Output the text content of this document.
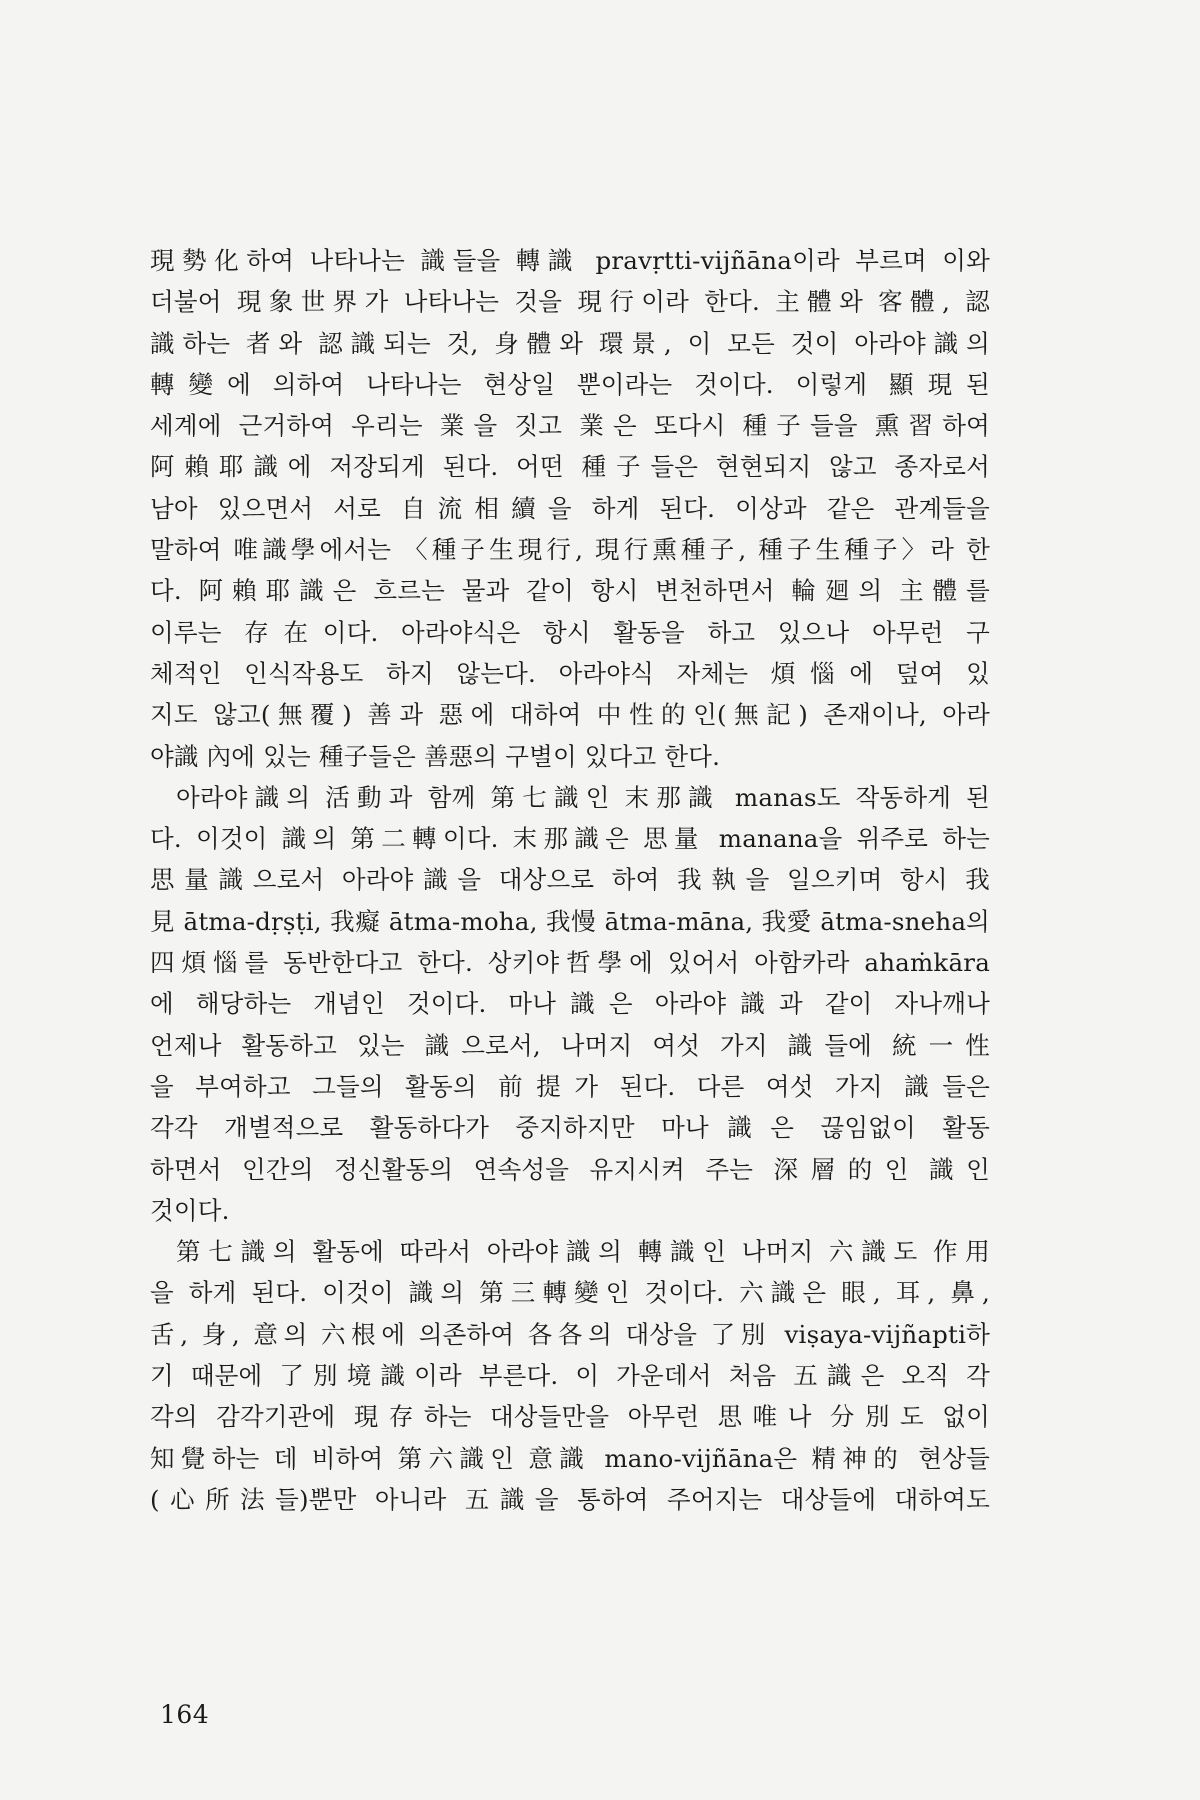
現勢化하여 나타나는 識들을 轉識 pravṛtti-vijñāna이라 부르며 이와
더불어 現象世界가 나타나는 것을 現行이라 한다. 主體와 客體, 認
識하는 者와 認識되는 것, 身體와 環景, 이 모든 것이 아라야識의
轉變에 의하여 나타나는 현상일 뿐이라는 것이다. 이렇게 顯現된
세계에 근거하여 우리는 業을 짓고 業은 또다시 種子들을 熏習하여
阿賴耶識에 저장되게 된다. 어떤 種子들은 현현되지 않고 종자로서
남아 있으면서 서로 自流相續을 하게 된다. 이상과 같은 관계들을
말하여 唯識學에서는 〈種子生現行, 現行熏種子, 種子生種子〉라 한
다. 阿賴耶識은 흐르는 물과 같이 항시 변천하면서 輪廻의 主體를
이루는 存在이다. 아라야식은 항시 활동을 하고 있으나 아무런 구
체적인 인식작용도 하지 않는다. 아라야식 자체는 煩惱에 덮여 있
지도 않고(無覆) 善과 惡에 대하여 中性的인(無記) 존재이나, 아라
야識 內에 있는 種子들은 善惡의 구별이 있다고 한다.
아라야識의 活動과 함께 第七識인 末那識 manas도 작동하게 된
다. 이것이 識의 第二轉이다. 末那識은 思量 manana을 위주로 하는
思量識으로서 아라야識을 대상으로 하여 我執을 일으키며 항시 我
見 ātma-dṛṣṭi, 我癡 ātma-moha, 我慢 ātma-māna, 我愛 ātma-sneha의
四煩惱를 동반한다고 한다. 상키야哲學에 있어서 아함카라 ahaṁkāra
에 해당하는 개념인 것이다. 마나識은 아라야識과 같이 자나깨나
언제나 활동하고 있는 識으로서, 나머지 여섯 가지 識들에 統一性
을 부여하고 그들의 활동의 前提가 된다. 다른 여섯 가지 識들은
각각 개별적으로 활동하다가 중지하지만 마나識은 끊임없이 활동
하면서 인간의 정신활동의 연속성을 유지시켜 주는 深層的인 識인
것이다.
第七識의 활동에 따라서 아라야識의 轉識인 나머지 六識도 作用
을 하게 된다. 이것이 識의 第三轉變인 것이다. 六識은 眼, 耳, 鼻,
舌, 身, 意의 六根에 의존하여 各各의 대상을 了別 viṣaya-vijñapti하
기 때문에 了別境識이라 부른다. 이 가운데서 처음 五識은 오직 각
각의 감각기관에 現存하는 대상들만을 아무런 思唯나 分別도 없이
知覺하는 데 비하여 第六識인 意識 mano-vijñāna은 精神的 현상들
(心所法들)뿐만 아니라 五識을 통하여 주어지는 대상들에 대하여도
164
